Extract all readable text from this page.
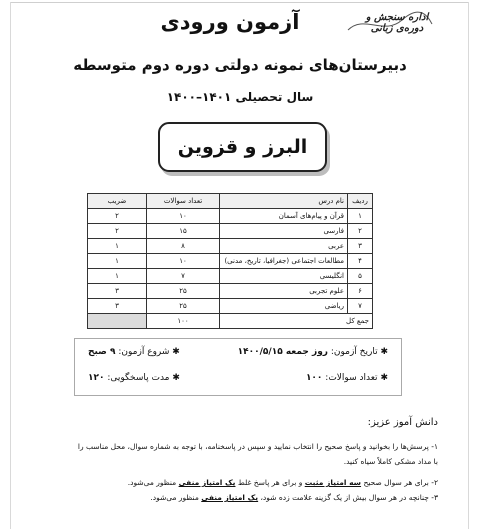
اداره سنجش و دوره‌ی زبانی
آزمون ورودی
دبیرستان‌های نمونه دولتی دوره دوم متوسطه
سال تحصیلی ۱۴۰۱–۱۴۰۰
البرز و قزوین
ردیف	نام درس	تعداد سوالات	ضریب
۱	قرآن و پیام‌های آسمان	۱۰	۲
۲	فارسی	۱۵	۲
۳	عربی	۸	۱
۴	مطالعات اجتماعی (جغرافیا، تاریخ، مدنی)	۱۰	۱
۵	انگلیسی	۷	۱
۶	علوم تجربی	۲۵	۳
۷	ریاضی	۲۵	۳
جمع کل		۱۰۰	
✱ تاریخ آزمون: روز جمعه ۱۴۰۰/۵/۱۵
✱ شروع آزمون: ۹ صبح
✱ تعداد سوالات: ۱۰۰
✱ مدت پاسخگویی: ۱۲۰
دانش آموز عزیز:
۱- پرسش‌ها را بخوانید و پاسخ صحیح را انتخاب نمایید و سپس در پاسخنامه، با توجه به شماره سوال، محل مناسب را
با مداد مشکی کاملاً سیاه کنید.
۲- برای هر سوال صحیح سه امتیاز مثبت و برای هر پاسخ غلط یک امتیاز منفی منظور می‌شود.
۳- چنانچه در هر سوال بیش از یک گزینه علامت زده شود، یک امتیاز منفی منظور می‌شود.
